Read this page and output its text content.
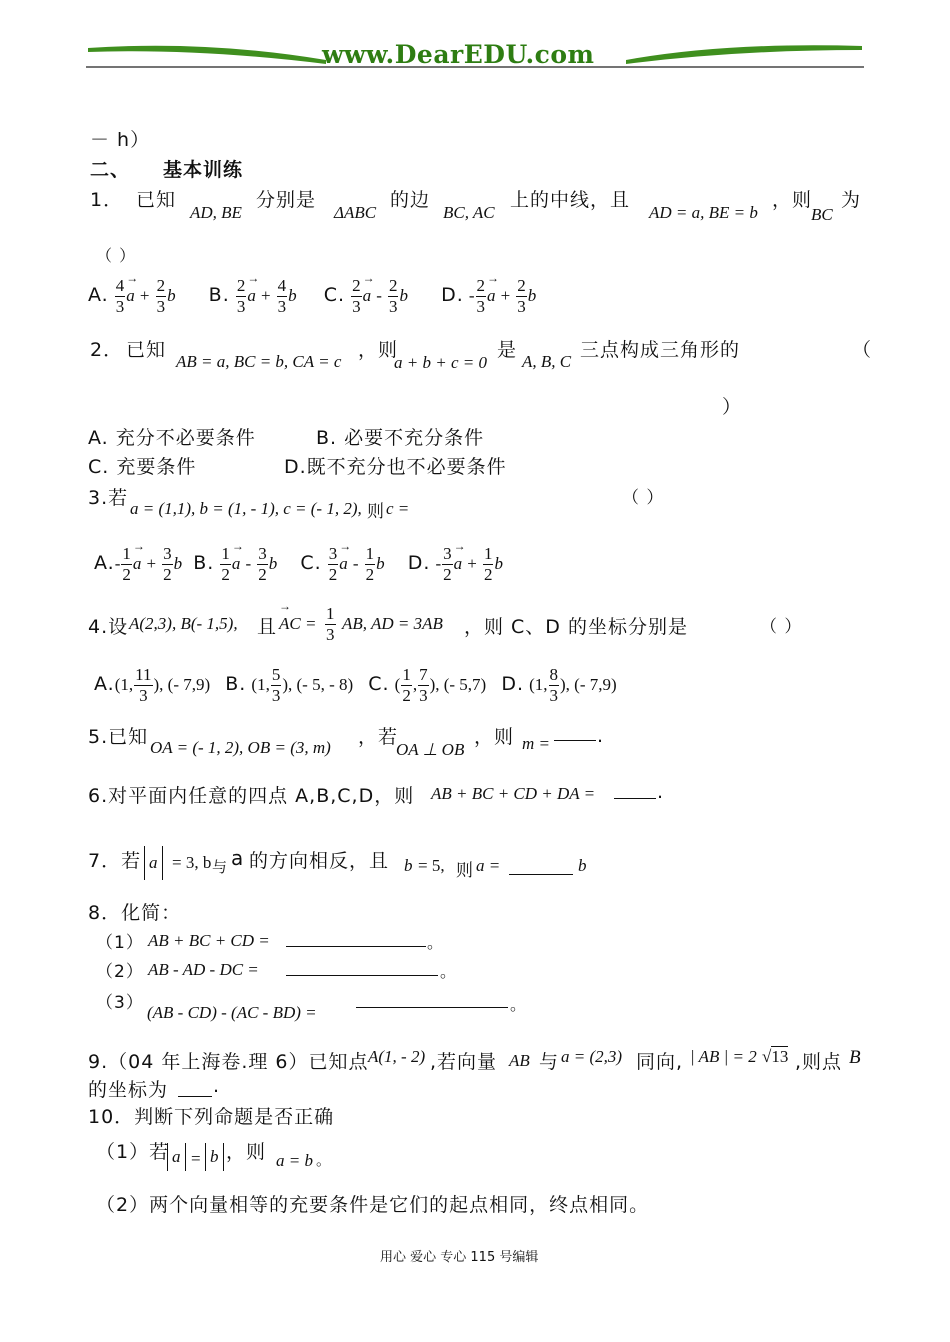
www.DearEDU.com
－ h）
二、 基本训练
1． 已知
AD, BE
分别是
ΔABC
的边
BC, AC
上的中线，且
AD = a, BE = b
，则
BC
为
（ ）
A. $\frac{4}{3}$
→ $a + \frac{2}{3}$ b B. $\frac{2}{3}$
→ $a + \frac{4}{3}$ b C. $\frac{2}{3}$
→ a - $\frac{2}{3}$ b D. - $\frac{2}{3}$
→ $a + \frac{2}{3}$ b
2． 已知
AB = a, BC = b, CA = c
，则
a + b + c = 0
是
A, B, C
三点构成三角形的	（
）
A. 充分不必要条件	B. 必要不充分条件
C. 充要条件	D.既不充分也不必要条件
3.若 a = (1,1), b = (1, - 1), c = (- 1, 2), 则 c =
（ ）
$A.- \frac{1}{2}$
→ $a + \frac{3}{2}$ b B. $\frac{1}{2}$
→ a - $\frac{3}{2}$ b C. $\frac{3}{2}$
→ a - $\frac{1}{2}$ b D. - $\frac{3}{2}$
→ $a + \frac{1}{2}$ b
4.设 A(2,3), B(- 1,5), 且
→ AC = $\frac{1}{3}$ AB, AD = 3AB ，则 C、D 的坐标分别是	（ ）
A.(1, $\frac{11}{3}$ ), (- 7,9) B. (1, $\frac{5}{3}$ ), (- 5, - 8) C. ( $\frac{1}{2}$ , $\frac{7}{3}$ ), (- 5,7) D. (1, $\frac{8}{3}$ ), (- 7,9)
5.已知 OA = (- 1, 2), OB = (3, m) ，若
OA ⊥ OB
，则 m = .
6.对平面内任意的四点 A,B,C,D，则 AB + BC + CD + DA =	.
7．若 a = 3, b 与 a 的方向相反，且 b = 5, 则 a =	b
8．化简：
（1） AB + BC + CD =	。
（2） AB - AD - DC =	。
（3） (AB - CD) - (AC - BD) =	。
9.（04 年上海卷.理 6）已知点 A(1, - 2) ,若向量 AB 与 a = (2,3) 同向, | AB | = 2 √13 ,则点 B
的坐标为 .
10．判断下列命题是否正确
（1）若 a = b ，则 a = b 。
（2）两个向量相等的充要条件是它们的起点相同，终点相同。
用心 爱心 专心 115 号编辑
